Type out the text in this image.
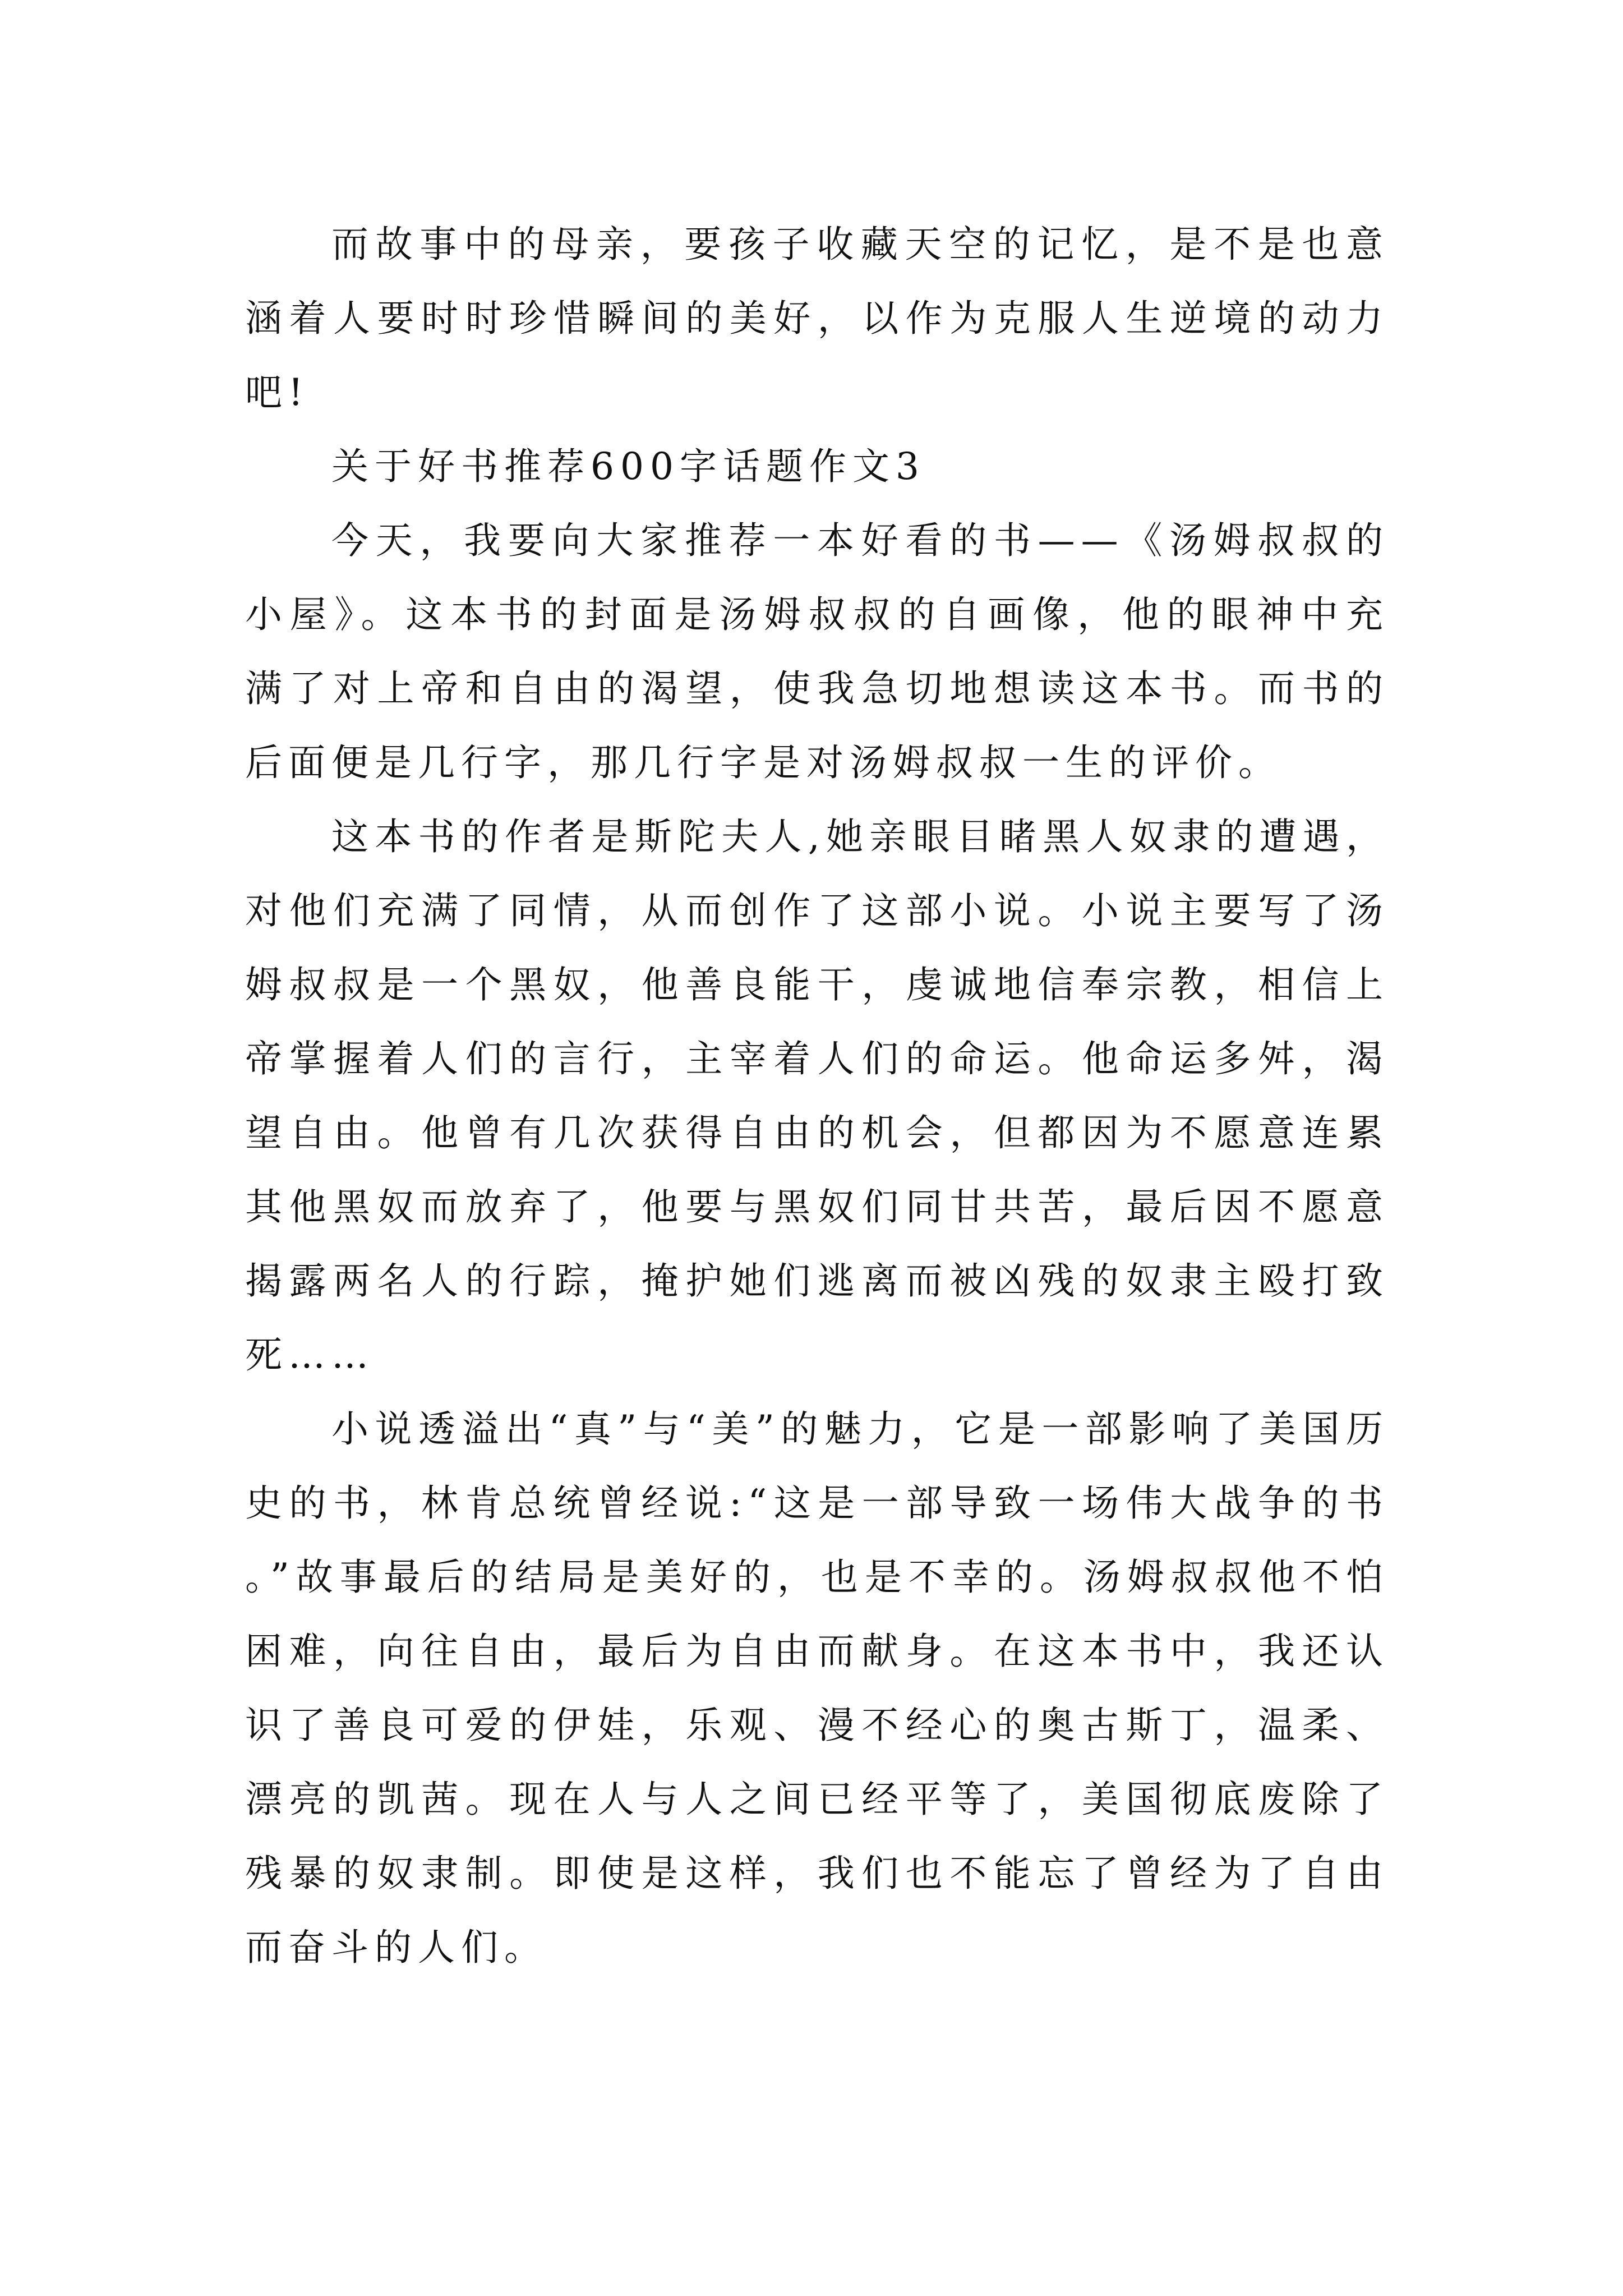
而故事中的母亲，要孩子收藏天空的记忆，是不是也意涵着人要时时珍惜瞬间的美好，以作为克服人生逆境的动力吧!

关于好书推荐600字话题作文3

今天，我要向大家推荐一本好看的书——《汤姆叔叔的小屋》。这本书的封面是汤姆叔叔的自画像，他的眼神中充满了对上帝和自由的渴望，使我急切地想读这本书。而书的后面便是几行字，那几行字是对汤姆叔叔一生的评价。

这本书的作者是斯陀夫人,她亲眼目睹黑人奴隶的遭遇，对他们充满了同情，从而创作了这部小说。小说主要写了汤姆叔叔是一个黑奴，他善良能干，虔诚地信奉宗教，相信上帝掌握着人们的言行，主宰着人们的命运。他命运多舛，渴望自由。他曾有几次获得自由的机会，但都因为不愿意连累其他黑奴而放弃了，他要与黑奴们同甘共苦，最后因不愿意揭露两名人的行踪，掩护她们逃离而被凶残的奴隶主殴打致死……

小说透溢出“真”与“美”的魅力，它是一部影响了美国历史的书，林肯总统曾经说:“这是一部导致一场伟大战争的书。”故事最后的结局是美好的，也是不幸的。汤姆叔叔他不怕困难，向往自由，最后为自由而献身。在这本书中，我还认识了善良可爱的伊娃，乐观、漫不经心的奥古斯丁，温柔、漂亮的凯茜。现在人与人之间已经平等了，美国彻底废除了残暴的奴隶制。即使是这样，我们也不能忘了曾经为了自由而奋斗的人们。
